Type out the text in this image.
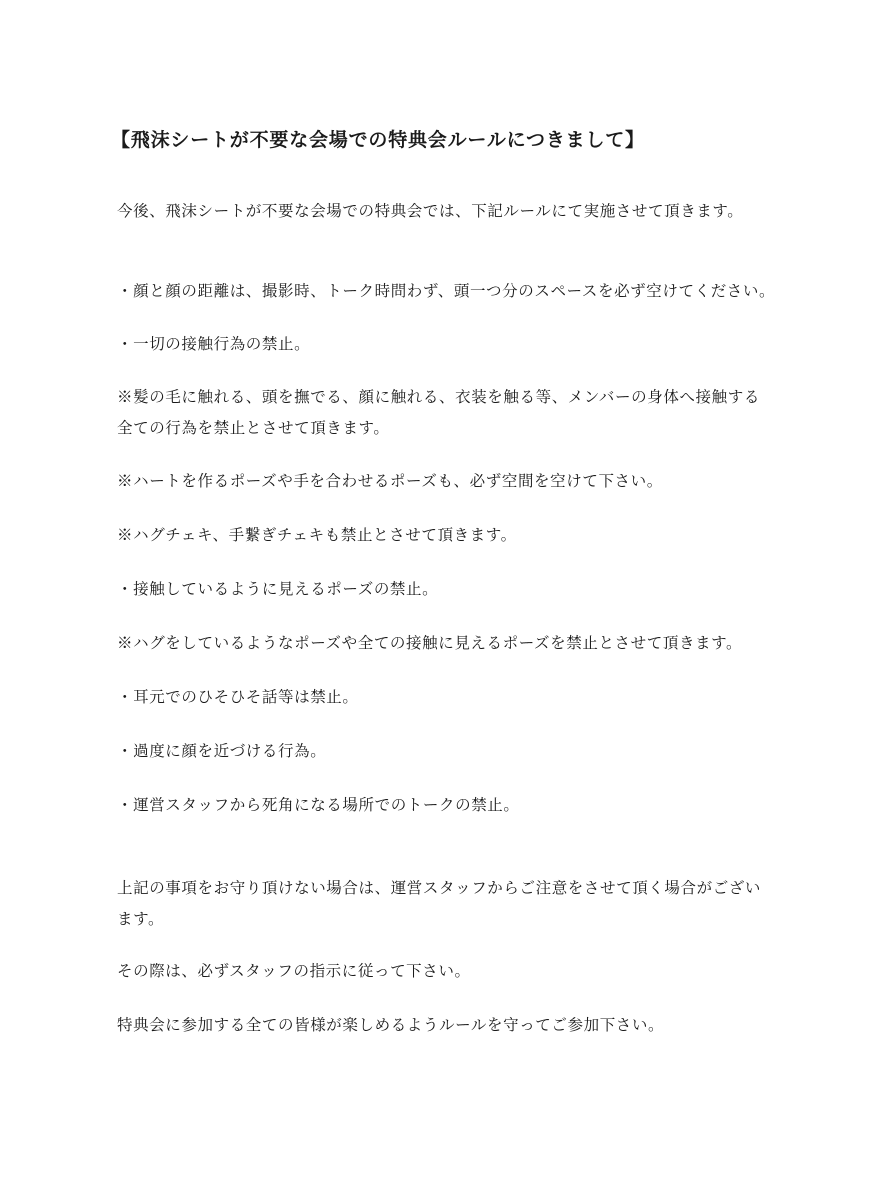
【飛沫シートが不要な会場での特典会ルールにつきまして】
今後、飛沫シートが不要な会場での特典会では、下記ルールにて実施させて頂きます。
・顔と顔の距離は、撮影時、トーク時問わず、頭一つ分のスペースを必ず空けてください。
・一切の接触行為の禁止。
※髪の毛に触れる、頭を撫でる、顔に触れる、衣装を触る等、メンバーの身体へ接触する全ての行為を禁止とさせて頂きます。
※ハートを作るポーズや手を合わせるポーズも、必ず空間を空けて下さい。
※ハグチェキ、手繋ぎチェキも禁止とさせて頂きます。
・接触しているように見えるポーズの禁止。
※ハグをしているようなポーズや全ての接触に見えるポーズを禁止とさせて頂きます。
・耳元でのひそひそ話等は禁止。
・過度に顔を近づける行為。
・運営スタッフから死角になる場所でのトークの禁止。
上記の事項をお守り頂けない場合は、運営スタッフからご注意をさせて頂く場合がございます。
その際は、必ずスタッフの指示に従って下さい。
特典会に参加する全ての皆様が楽しめるようルールを守ってご参加下さい。
